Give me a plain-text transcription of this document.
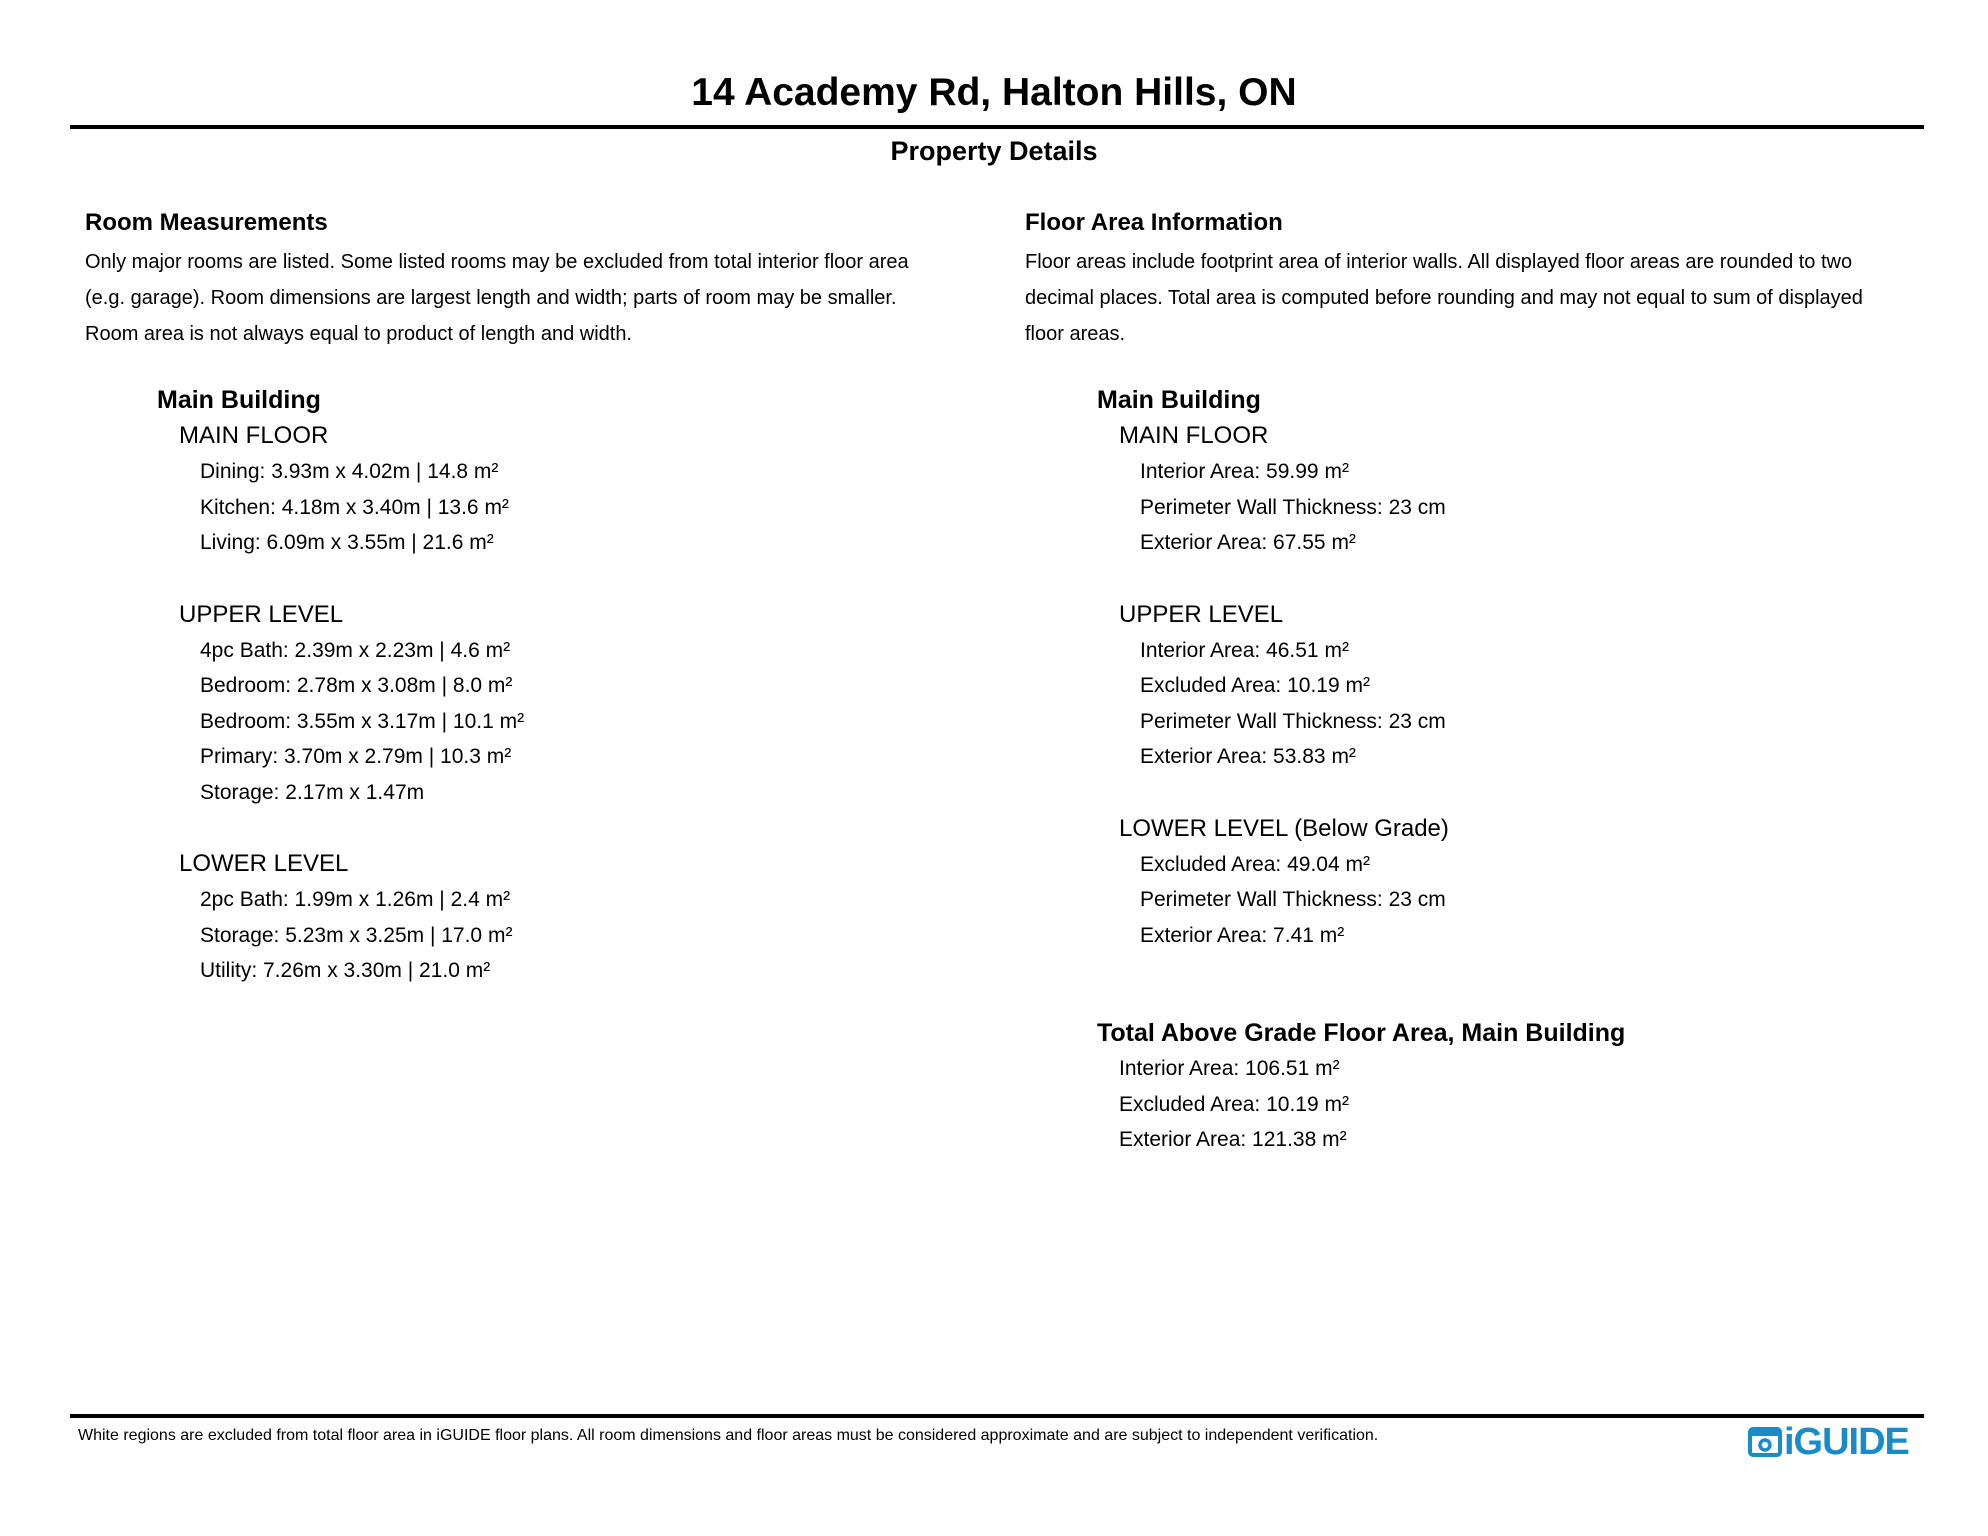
14 Academy Rd, Halton Hills, ON
Property Details
Room Measurements
Only major rooms are listed. Some listed rooms may be excluded from total interior floor area
(e.g. garage). Room dimensions are largest length and width; parts of room may be smaller.
Room area is not always equal to product of length and width.
Main Building
MAIN FLOOR
Dining: 3.93m x 4.02m | 14.8 m²
Kitchen: 4.18m x 3.40m | 13.6 m²
Living: 6.09m x 3.55m | 21.6 m²
UPPER LEVEL
4pc Bath: 2.39m x 2.23m | 4.6 m²
Bedroom: 2.78m x 3.08m | 8.0 m²
Bedroom: 3.55m x 3.17m | 10.1 m²
Primary: 3.70m x 2.79m | 10.3 m²
Storage: 2.17m x 1.47m
LOWER LEVEL
2pc Bath: 1.99m x 1.26m | 2.4 m²
Storage: 5.23m x 3.25m | 17.0 m²
Utility: 7.26m x 3.30m | 21.0 m²
Floor Area Information
Floor areas include footprint area of interior walls. All displayed floor areas are rounded to two
decimal places. Total area is computed before rounding and may not equal to sum of displayed
floor areas.
Main Building
MAIN FLOOR
Interior Area: 59.99 m²
Perimeter Wall Thickness: 23 cm
Exterior Area: 67.55 m²
UPPER LEVEL
Interior Area: 46.51 m²
Excluded Area: 10.19 m²
Perimeter Wall Thickness: 23 cm
Exterior Area: 53.83 m²
LOWER LEVEL (Below Grade)
Excluded Area: 49.04 m²
Perimeter Wall Thickness: 23 cm
Exterior Area: 7.41 m²
Total Above Grade Floor Area, Main Building
Interior Area: 106.51 m²
Excluded Area: 10.19 m²
Exterior Area: 121.38 m²
White regions are excluded from total floor area in iGUIDE floor plans. All room dimensions and floor areas must be considered approximate and are subject to independent verification.	iGUIDE
